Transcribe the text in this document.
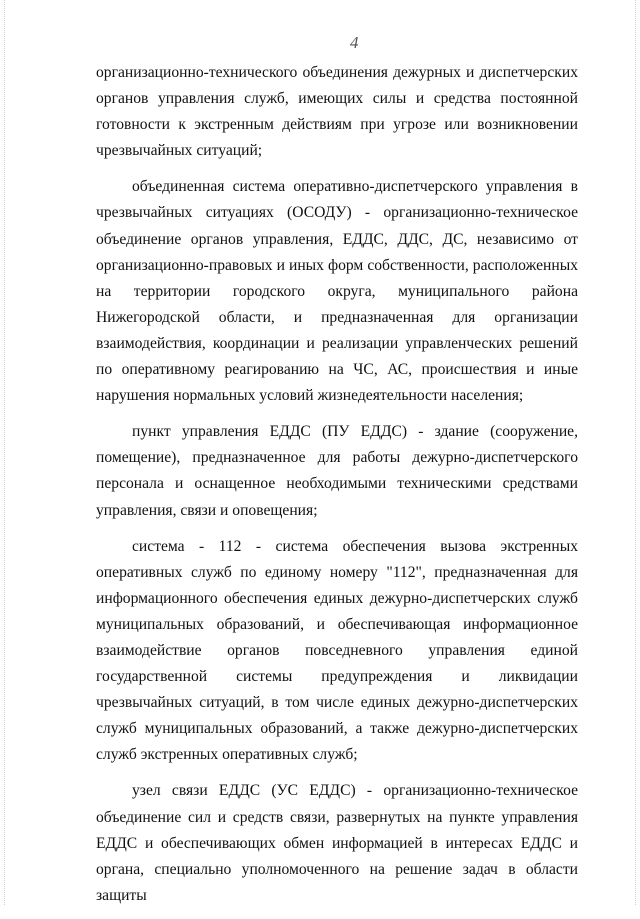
4

организационно-технического объединения дежурных и диспетчерских органов управления служб, имеющих силы и средства постоянной готовности к экстренным действиям при угрозе или возникновении чрезвычайных ситуаций;

объединенная система оперативно-диспетчерского управления в чрезвычайных ситуациях (ОСОДУ) - организационно-техническое объединение органов управления, ЕДДС, ДДС, ДС, независимо от организационно-правовых и иных форм собственности, расположенных на территории городского округа, муниципального района Нижегородской области, и предназначенная для организации взаимодействия, координации и реализации управленческих решений по оперативному реагированию на ЧС, АС, происшествия и иные нарушения нормальных условий жизнедеятельности населения;

пункт управления ЕДДС (ПУ ЕДДС) - здание (сооружение, помещение), предназначенное для работы дежурно-диспетчерского персонала и оснащенное необходимыми техническими средствами управления, связи и оповещения;

система - 112 - система обеспечения вызова экстренных оперативных служб по единому номеру "112", предназначенная для информационного обеспечения единых дежурно-диспетчерских служб муниципальных образований, и обеспечивающая информационное взаимодействие органов повседневного управления единой государственной системы предупреждения и ликвидации чрезвычайных ситуаций, в том числе единых дежурно-диспетчерских служб муниципальных образований, а также дежурно-диспетчерских служб экстренных оперативных служб;

узел связи ЕДДС (УС ЕДДС) - организационно-техническое объединение сил и средств связи, развернутых на пункте управления ЕДДС и обеспечивающих обмен информацией в интересах ЕДДС и органа, специально уполномоченного на решение задач в области защиты
